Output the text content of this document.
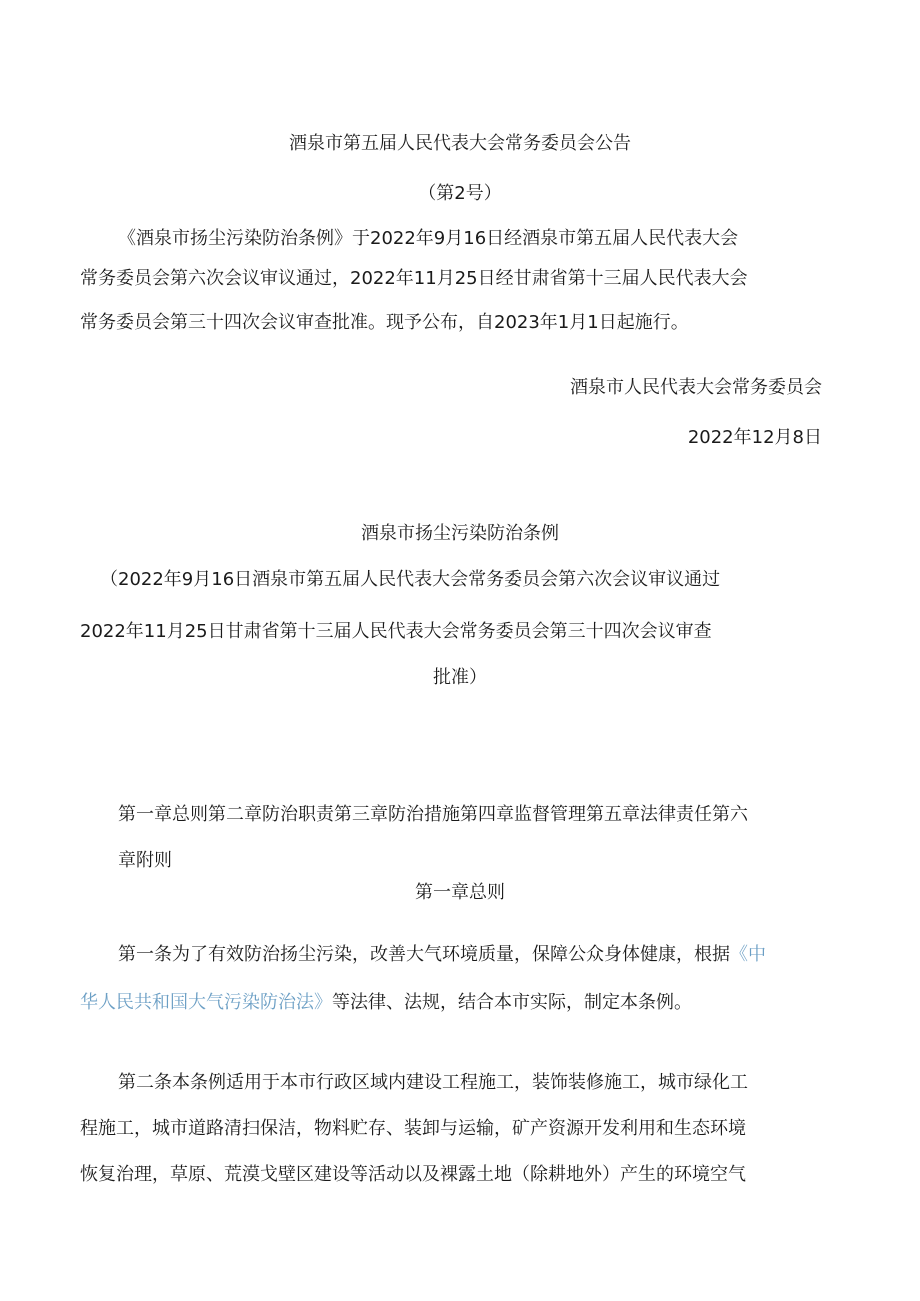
酒泉市第五届人民代表大会常务委员会公告
（第2号）
《酒泉市扬尘污染防治条例》于2022年9月16日经酒泉市第五届人民代表大会
常务委员会第六次会议审议通过，2022年11月25日经甘肃省第十三届人民代表大会
常务委员会第三十四次会议审查批准。现予公布，自2023年1月1日起施行。
酒泉市人民代表大会常务委员会
2022年12月8日
酒泉市扬尘污染防治条例
（2022年9月16日酒泉市第五届人民代表大会常务委员会第六次会议审议通过
2022年11月25日甘肃省第十三届人民代表大会常务委员会第三十四次会议审查
批准）
第一章总则第二章防治职责第三章防治措施第四章监督管理第五章法律责任第六
章附则
第一章总则
第一条为了有效防治扬尘污染，改善大气环境质量，保障公众身体健康，根据《中
华人民共和国大气污染防治法》等法律、法规，结合本市实际，制定本条例。
第二条本条例适用于本市行政区域内建设工程施工，装饰装修施工，城市绿化工
程施工，城市道路清扫保洁，物料贮存、装卸与运输，矿产资源开发利用和生态环境
恢复治理，草原、荒漠戈壁区建设等活动以及裸露土地（除耕地外）产生的环境空气
